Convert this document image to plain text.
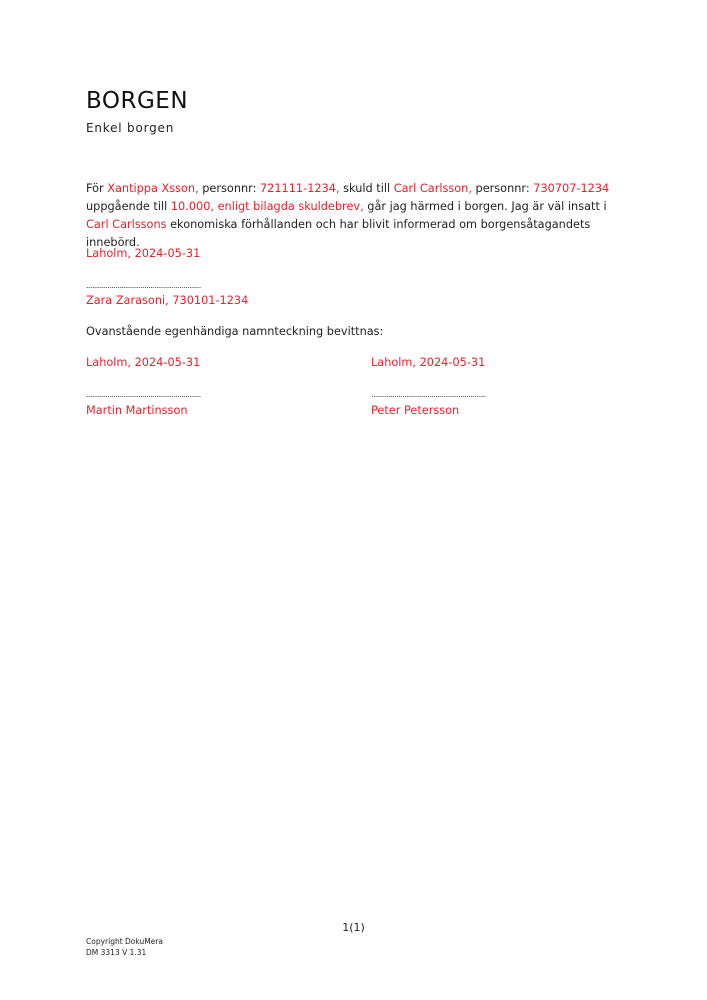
BORGEN
Enkel borgen
För Xantippa Xsson, personnr: 721111-1234, skuld till Carl Carlsson, personnr: 730707-1234 uppgående till 10.000, enligt bilagda skuldebrev, går jag härmed i borgen. Jag är väl insatt i Carl Carlssons ekonomiska förhållanden och har blivit informerad om borgensåtagandets innebörd.
Laholm, 2024-05-31
...........................................................
Zara Zarasoni, 730101-1234
Ovanstående egenhändiga namnteckning bevittnas:
Laholm, 2024-05-31
...........................................................
Martin Martinsson
Laholm, 2024-05-31
...........................................................
Peter Petersson
1(1)
Copyright DokuMera
DM 3313 V 1.31
